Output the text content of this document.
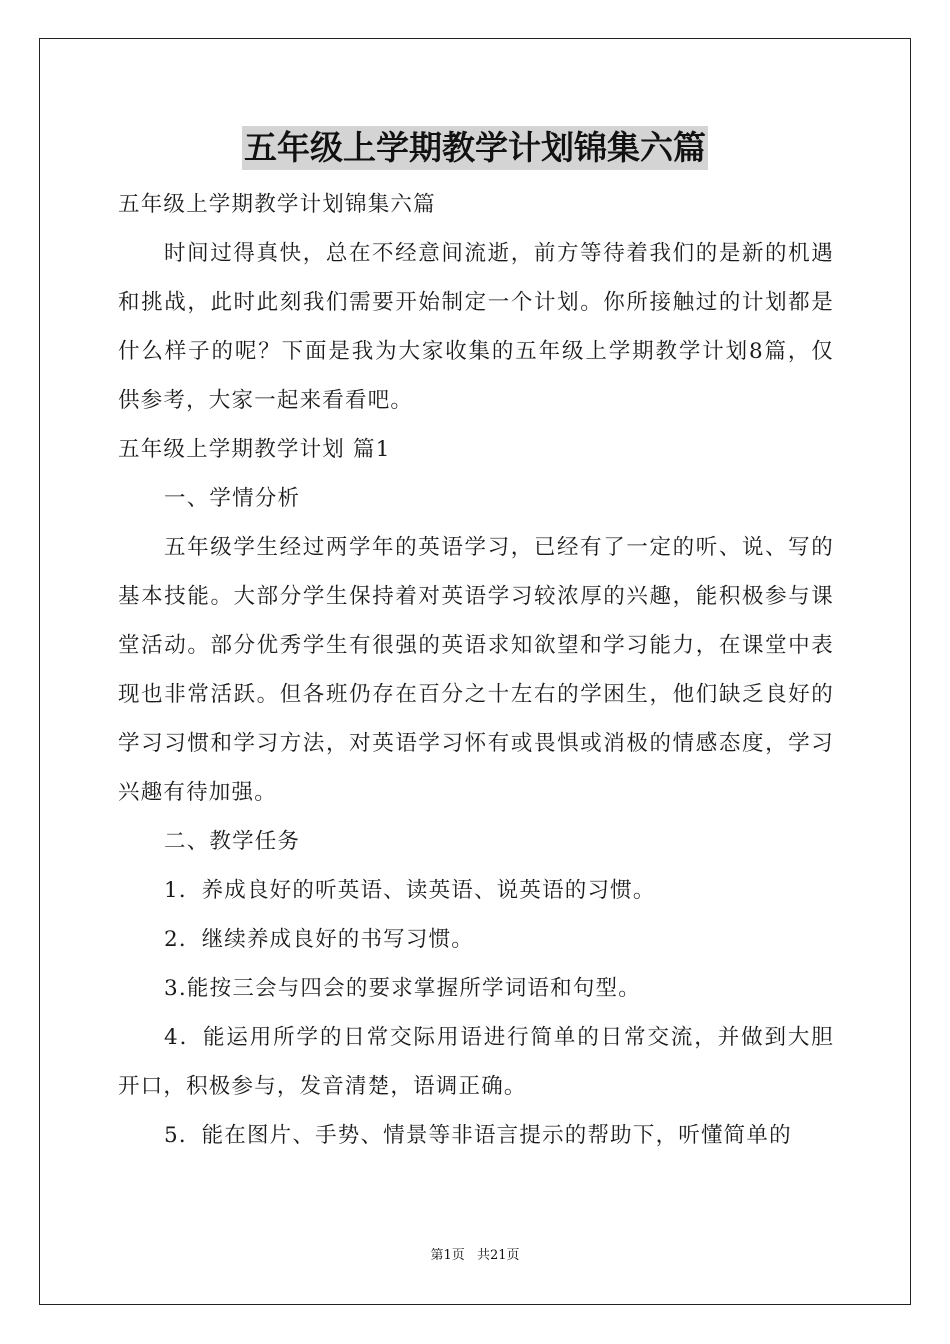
五年级上学期教学计划锦集六篇

五年级上学期教学计划锦集六篇

时间过得真快，总在不经意间流逝，前方等待着我们的是新的机遇和挑战，此时此刻我们需要开始制定一个计划。你所接触过的计划都是什么样子的呢？下面是我为大家收集的五年级上学期教学计划8篇，仅供参考，大家一起来看看吧。

五年级上学期教学计划 篇1

一、学情分析

五年级学生经过两学年的英语学习，已经有了一定的听、说、写的基本技能。大部分学生保持着对英语学习较浓厚的兴趣，能积极参与课堂活动。部分优秀学生有很强的英语求知欲望和学习能力，在课堂中表现也非常活跃。但各班仍存在百分之十左右的学困生，他们缺乏良好的学习习惯和学习方法，对英语学习怀有或畏惧或消极的情感态度，学习兴趣有待加强。

二、教学任务

1．养成良好的听英语、读英语、说英语的习惯。

2．继续养成良好的书写习惯。

3.能按三会与四会的要求掌握所学词语和句型。

4．能运用所学的日常交际用语进行简单的日常交流，并做到大胆开口，积极参与，发音清楚，语调正确。

5．能在图片、手势、情景等非语言提示的帮助下，听懂简单的

第1页 共21页
